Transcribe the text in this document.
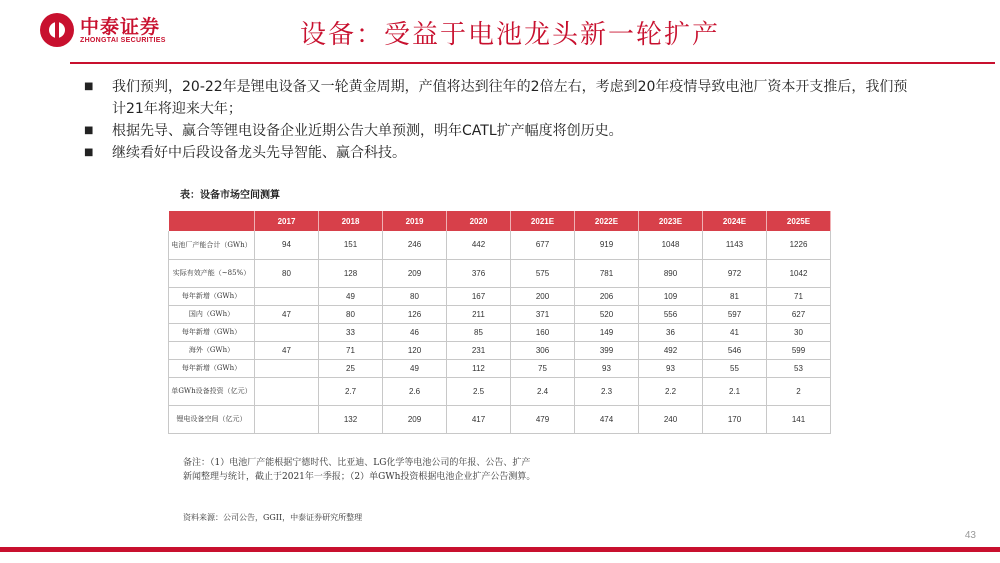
中泰证券
ZHONGTAI SECURITIES	设备：受益于电池龙头新一轮扩产
■	我们预判，20-22年是锂电设备又一轮黄金周期，产值将达到往年的2倍左右，考虑到20年疫情导致电池厂资本开支推后，我们预计21年将迎来大年；
■	根据先导、赢合等锂电设备企业近期公告大单预测，明年CATL扩产幅度将创历史。
■	继续看好中后段设备龙头先导智能、赢合科技。
表：设备市场空间测算
	2017	2018	2019	2020	2021E	2022E	2023E	2024E	2025E
电池厂产能合计（GWh）	94	151	246	442	677	919	1048	1143	1226
实际有效产能（~85%）	80	128	209	376	575	781	890	972	1042
每年新增（GWh）		49	80	167	200	206	109	81	71
国内（GWh）	47	80	126	211	371	520	556	597	627
每年新增（GWh）		33	46	85	160	149	36	41	30
海外（GWh）	47	71	120	231	306	399	492	546	599
每年新增（GWh）		25	49	112	75	93	93	55	53
单GWh设备投资（亿元）		2.7	2.6	2.5	2.4	2.3	2.2	2.1	2
锂电设备空间（亿元）		132	209	417	479	474	240	170	141
备注：（1）电池厂产能根据宁德时代、比亚迪、LG化学等电池公司的年报、公告、扩产
新闻整理与统计，截止于2021年一季报；（2）单GWh投资根据电池企业扩产公告测算。
资料来源：公司公告，GGII，中泰证券研究所整理
43
